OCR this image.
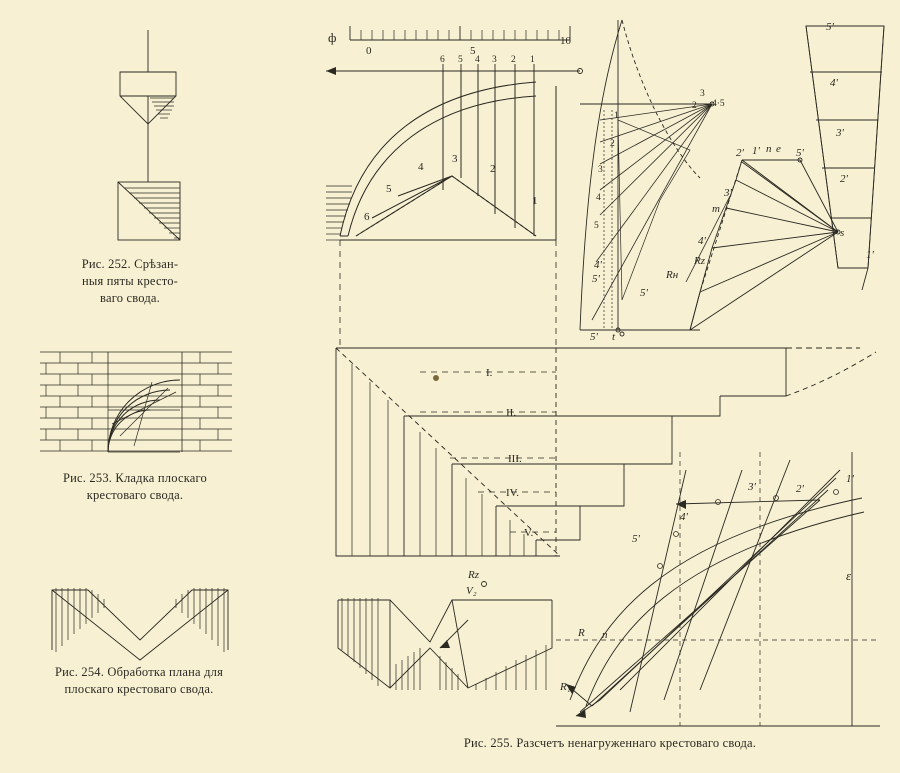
ф
0	5
10
6 5 4 3 2 1
6
5
4
3
2
1
1
2
3
4
5
3
2 4·5
5'
4'
5' t
2' 1' n e 5'
s
3'
m
4'
Rн
Rz
5'
5'
4'
3'
2'
1'
I.
II.
III.
IV.
V.
Rz
V₂
1'
2'
3'
4'
5'
n
R
R₁
ε
Рис. 252. Срѣзан-
ныя пяты кресто-
ваго свода.
Рис. 253. Кладка плоскаго
крестоваго свода.
Рис. 254. Обработка плана для
плоскаго крестоваго свода.
Рис. 255. Разсчетъ ненагруженнаго крестоваго свода.
